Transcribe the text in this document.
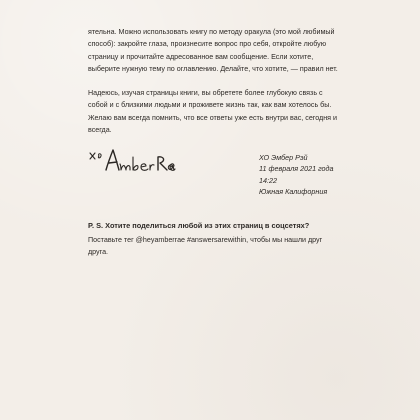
ятельна. Можно использовать книгу по методу оракула (это мой любимый способ): закройте глаза, произнесите вопрос про себя, откройте любую страницу и прочитайте адресованное вам сообщение. Если хотите, выберите нужную тему по оглавлению. Делайте, что хотите, — правил нет.

Надеюсь, изучая страницы книги, вы обретете более глубокую связь с собой и с близкими людьми и проживете жизнь так, как вам хотелось бы. Желаю вам всегда помнить, что все ответы уже есть внутри вас, сегодня и всегда.

ХО Эмбер Рэй
11 февраля 2021 года
14:22
Южная Калифорния

P. S. Хотите поделиться любой из этих страниц в соцсетях?

Поставьте тег @heyamberrae #answersarewithin, чтобы мы нашли друг друга.
